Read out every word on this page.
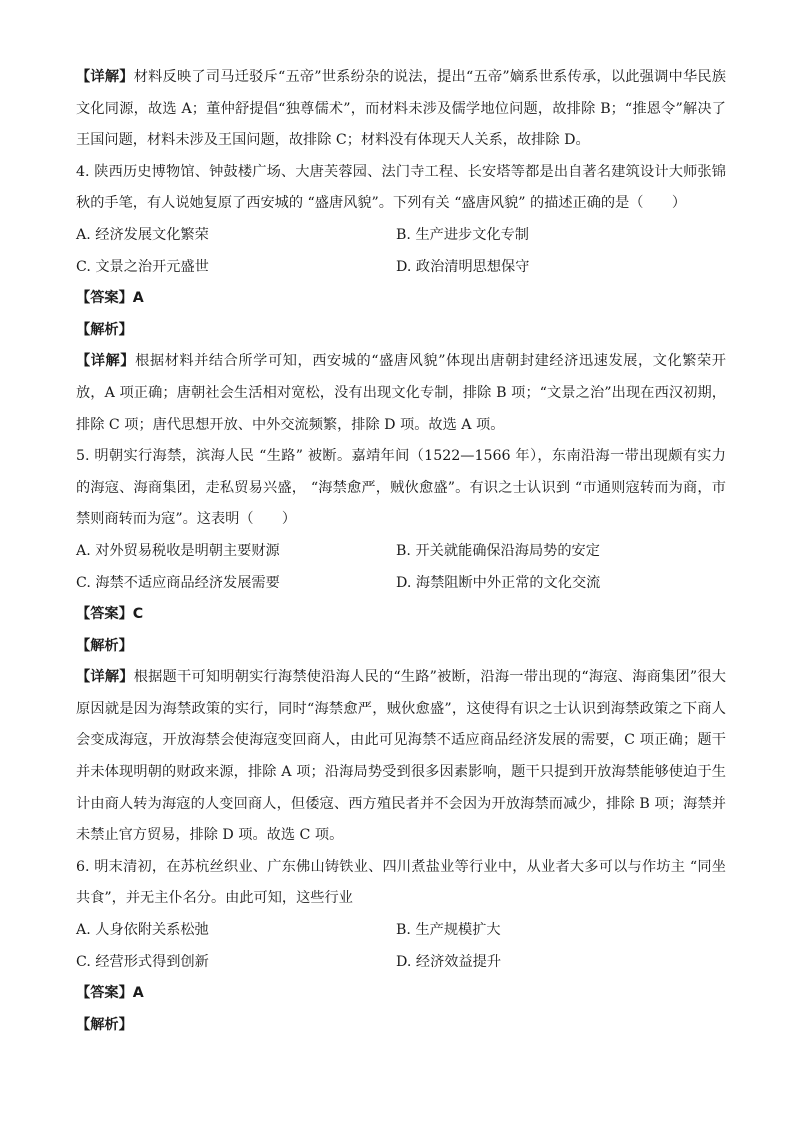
【详解】材料反映了司马迁驳斥“五帝”世系纷杂的说法，提出“五帝”嫡系世系传承，以此强调中华民族文化同源，故选 A；董仲舒提倡“独尊儒术”，而材料未涉及儒学地位问题，故排除 B；“推恩令”解决了王国问题，材料未涉及王国问题，故排除 C；材料没有体现天人关系，故排除 D。

4. 陕西历史博物馆、钟鼓楼广场、大唐芙蓉园、法门寺工程、长安塔等都是出自著名建筑设计大师张锦秋的手笔，有人说她复原了西安城的 “盛唐风貌”。下列有关 “盛唐风貌” 的描述正确的是（　　）

A. 经济发展文化繁荣	B. 生产进步文化专制
C. 文景之治开元盛世	D. 政治清明思想保守
【答案】A
【解析】

【详解】根据材料并结合所学可知，西安城的“盛唐风貌”体现出唐朝封建经济迅速发展，文化繁荣开放，A 项正确；唐朝社会生活相对宽松，没有出现文化专制，排除 B 项；“文景之治”出现在西汉初期，排除 C 项；唐代思想开放、中外交流频繁，排除 D 项。故选 A 项。

5. 明朝实行海禁，滨海人民 “生路” 被断。嘉靖年间（1522—1566 年），东南沿海一带出现颇有实力的海寇、海商集团，走私贸易兴盛， “海禁愈严，贼伙愈盛”。有识之士认识到 “市通则寇转而为商，市禁则商转而为寇”。这表明（　　）

A. 对外贸易税收是明朝主要财源	B. 开关就能确保沿海局势的安定
C. 海禁不适应商品经济发展需要	D. 海禁阻断中外正常的文化交流
【答案】C
【解析】

【详解】根据题干可知明朝实行海禁使沿海人民的“生路”被断，沿海一带出现的“海寇、海商集团”很大原因就是因为海禁政策的实行，同时“海禁愈严，贼伙愈盛”，这使得有识之士认识到海禁政策之下商人会变成海寇，开放海禁会使海寇变回商人，由此可见海禁不适应商品经济发展的需要，C 项正确；题干并未体现明朝的财政来源，排除 A 项；沿海局势受到很多因素影响，题干只提到开放海禁能够使迫于生计由商人转为海寇的人变回商人，但倭寇、西方殖民者并不会因为开放海禁而减少，排除 B 项；海禁并未禁止官方贸易，排除 D 项。故选 C 项。

6. 明末清初，在苏杭丝织业、广东佛山铸铁业、四川煮盐业等行业中，从业者大多可以与作坊主 “同坐共食”，并无主仆名分。由此可知，这些行业

A. 人身依附关系松弛	B. 生产规模扩大
C. 经营形式得到创新	D. 经济效益提升
【答案】A
【解析】
